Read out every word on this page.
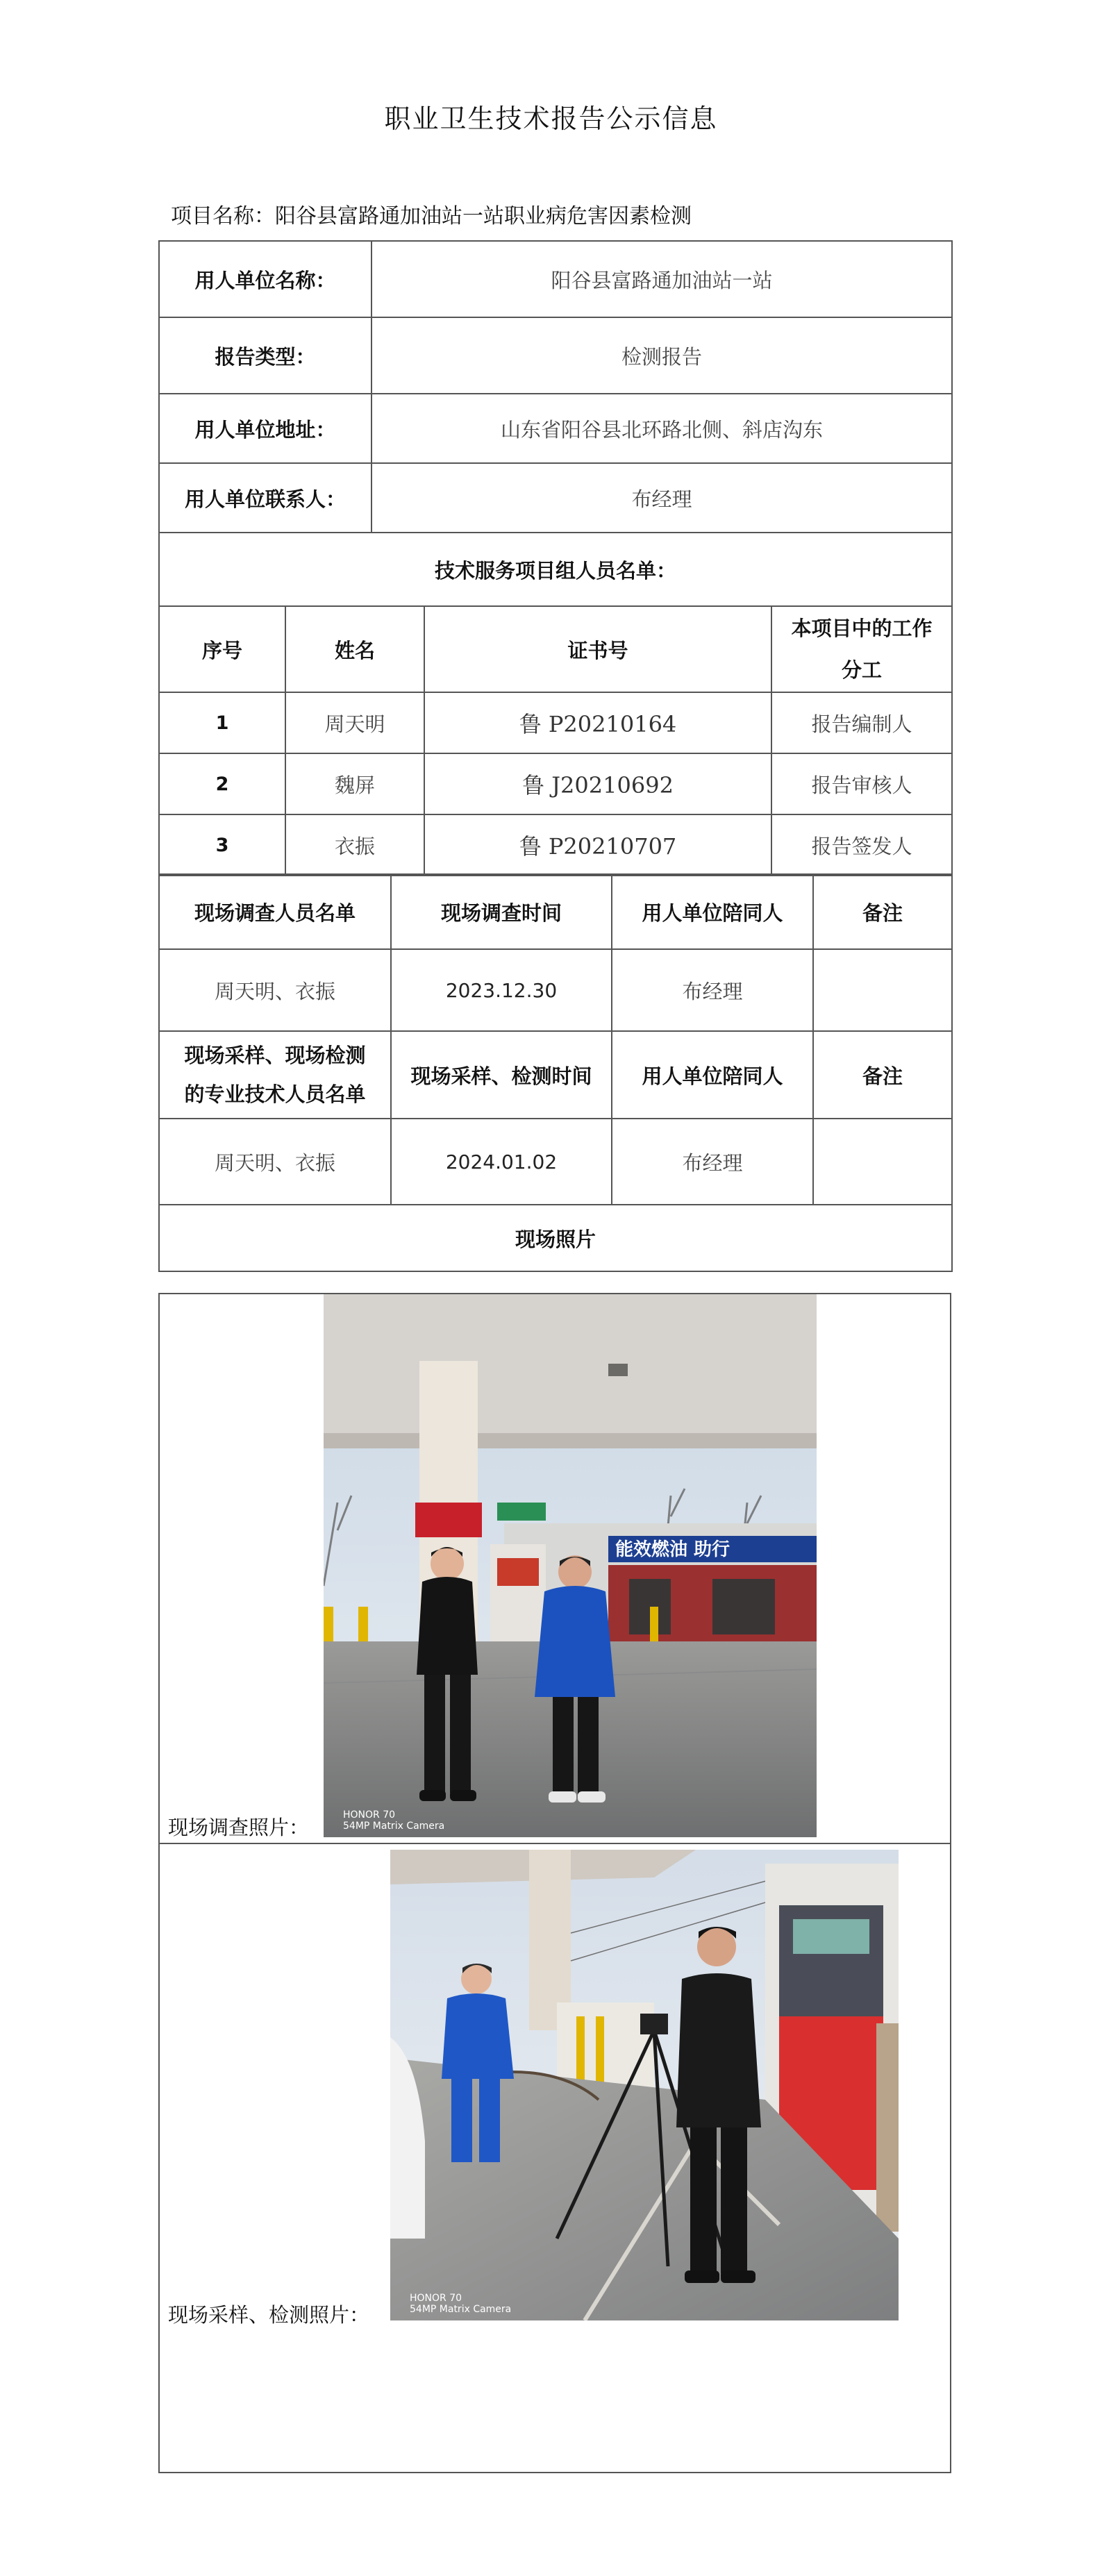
职业卫生技术报告公示信息
项目名称：阳谷县富路通加油站一站职业病危害因素检测
用人单位名称：	阳谷县富路通加油站一站
报告类型：	检测报告
用人单位地址：	山东省阳谷县北环路北侧、斜店沟东
用人单位联系人：	布经理
技术服务项目组人员名单：	
序号	姓名	证书号	本项目中的工作
分工
1	周天明	鲁 P20210164	报告编制人
2	魏屏	鲁 J20210692	报告审核人
3	衣振	鲁 P20210707	报告签发人
现场调查人员名单	现场调查时间	用人单位陪同人	备注
周天明、衣振	2023.12.30	布经理	
现场采样、现场检测
的专业技术人员名单	现场采样、检测时间	用人单位陪同人	备注
周天明、衣振	2024.01.02	布经理	
现场照片			
现场调查照片：
现场采样、检测照片：
能效燃油 助行
HONOR 70
54MP Matrix Camera
HONOR 70
54MP Matrix Camera
